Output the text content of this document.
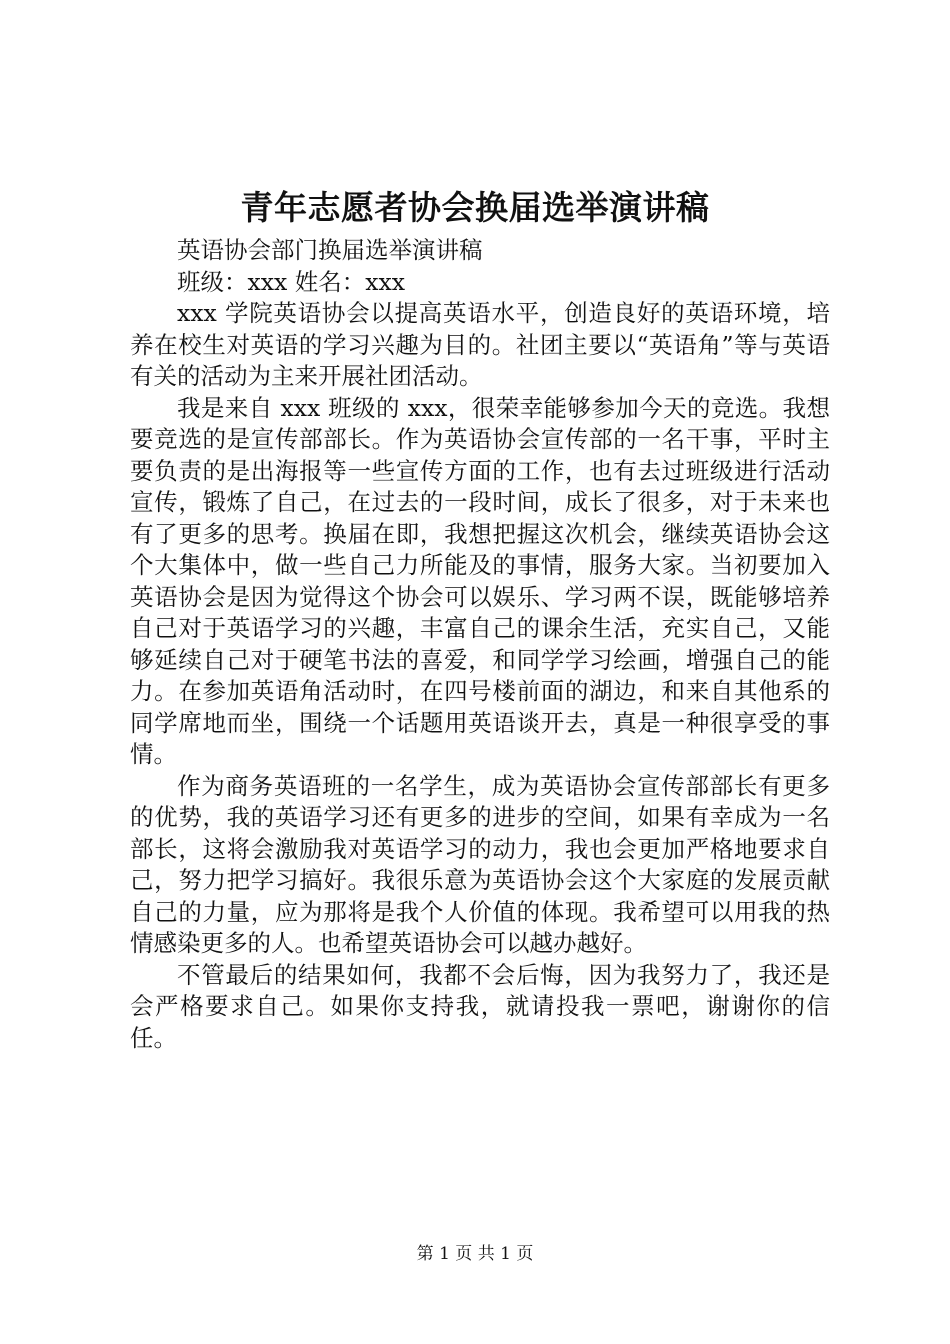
青年志愿者协会换届选举演讲稿

英语协会部门换届选举演讲稿

班级：xxx 姓名：xxx

xxx 学院英语协会以提高英语水平，创造良好的英语环境，培养在校生对英语的学习兴趣为目的。社团主要以“英语角”等与英语有关的活动为主来开展社团活动。

我是来自 xxx 班级的 xxx，很荣幸能够参加今天的竞选。我想要竞选的是宣传部部长。作为英语协会宣传部的一名干事，平时主要负责的是出海报等一些宣传方面的工作，也有去过班级进行活动宣传，锻炼了自己，在过去的一段时间，成长了很多，对于未来也有了更多的思考。换届在即，我想把握这次机会，继续英语协会这个大集体中，做一些自己力所能及的事情，服务大家。当初要加入英语协会是因为觉得这个协会可以娱乐、学习两不误，既能够培养自己对于英语学习的兴趣，丰富自己的课余生活，充实自己，又能够延续自己对于硬笔书法的喜爱，和同学学习绘画，增强自己的能力。在参加英语角活动时，在四号楼前面的湖边，和来自其他系的同学席地而坐，围绕一个话题用英语谈开去，真是一种很享受的事情。

作为商务英语班的一名学生，成为英语协会宣传部部长有更多的优势，我的英语学习还有更多的进步的空间，如果有幸成为一名部长，这将会激励我对英语学习的动力，我也会更加严格地要求自己，努力把学习搞好。我很乐意为英语协会这个大家庭的发展贡献自己的力量，应为那将是我个人价值的体现。我希望可以用我的热情感染更多的人。也希望英语协会可以越办越好。

不管最后的结果如何，我都不会后悔，因为我努力了，我还是会严格要求自己。如果你支持我，就请投我一票吧，谢谢你的信任。

第 1 页 共 1 页
